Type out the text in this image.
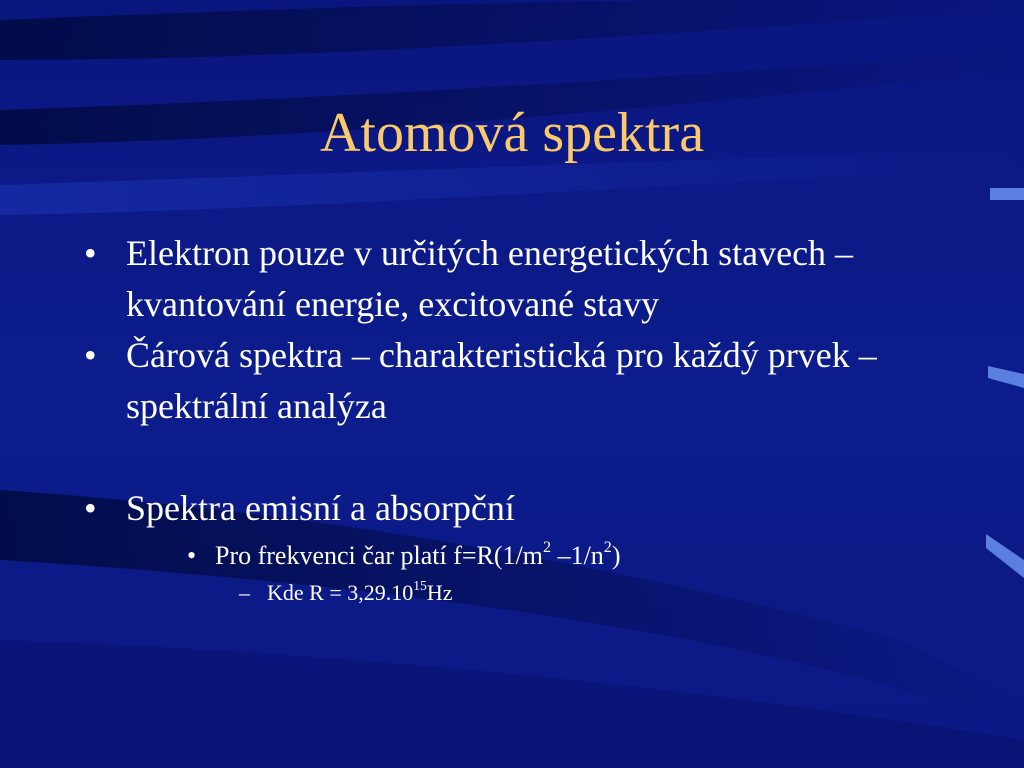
Atomová spektra
• Elektron pouze v určitých energetických stavech – kvantování energie, excitované stavy
• Čárová spektra – charakteristická pro každý prvek – spektrální analýza
• Spektra emisní a absorpční
• Pro frekvenci čar platí $f=R(1/m^2$ $-1/n^2$)
– Kde $R = 3,29.10^{15}Hz$
